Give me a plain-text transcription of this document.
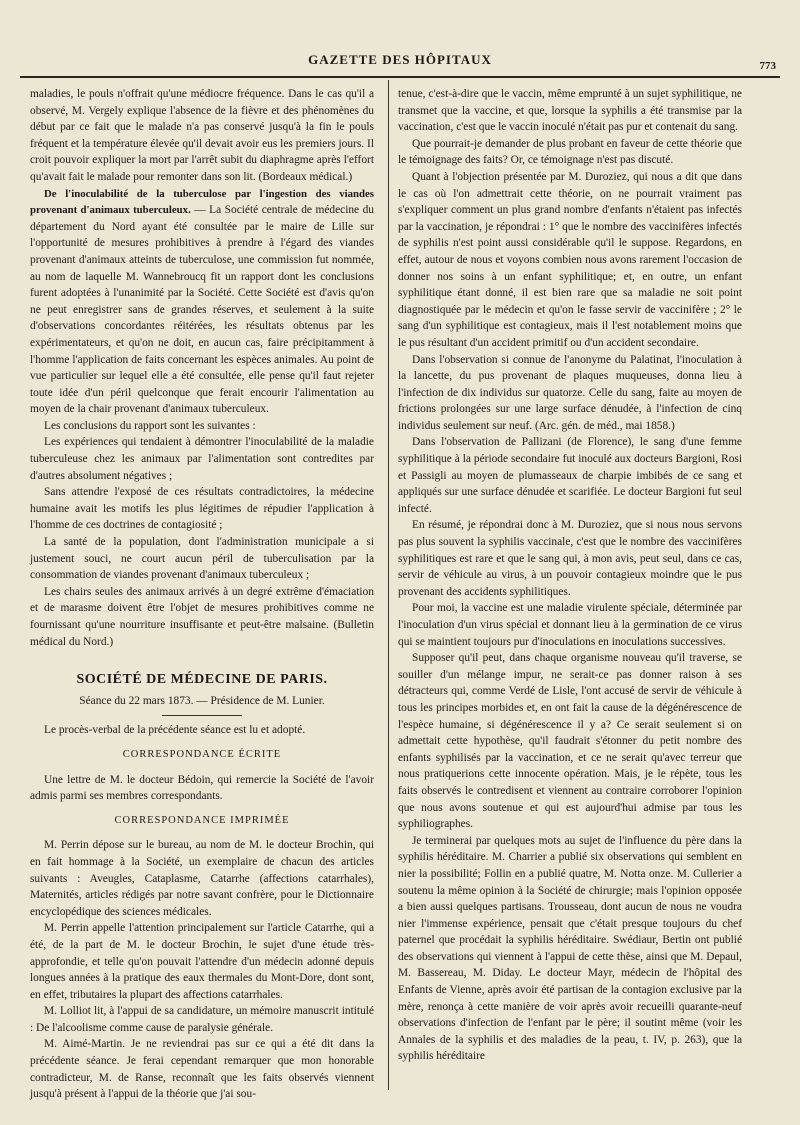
GAZETTE DES HÔPITAUX	773

maladies, le pouls n'offrait qu'une médiocre fréquence. Dans le cas qu'il a observé, M. Vergely explique l'absence de la fièvre et des phénomènes du début par ce fait que le malade n'a pas conservé jusqu'à la fin le pouls fréquent et la température élevée qu'il devait avoir eus les premiers jours. Il croit pouvoir expliquer la mort par l'arrêt subit du diaphragme après l'effort qu'avait fait le malade pour remonter dans son lit. (Bordeaux médical.)

De l'inoculabilité de la tuberculose par l'ingestion des viandes provenant d'animaux tuberculeux. — La Société centrale de médecine du département du Nord ayant été consultée par le maire de Lille sur l'opportunité de mesures prohibitives à prendre à l'égard des viandes provenant d'animaux atteints de tuberculose, une commission fut nommée, au nom de laquelle M. Wannebroucq fit un rapport dont les conclusions furent adoptées à l'unanimité par la Société. Cette Société est d'avis qu'on ne peut enregistrer sans de grandes réserves, et seulement à la suite d'observations concordantes réitérées, les résultats obtenus par les expérimentateurs, et qu'on ne doit, en aucun cas, faire précipitamment à l'homme l'application de faits concernant les espèces animales. Au point de vue particulier sur lequel elle a été consultée, elle pense qu'il faut rejeter toute idée d'un péril quelconque que ferait encourir l'alimentation au moyen de la chair provenant d'animaux tuberculeux.

Les conclusions du rapport sont les suivantes :

Les expériences qui tendaient à démontrer l'inoculabilité de la maladie tuberculeuse chez les animaux par l'alimentation sont contredites par d'autres absolument négatives ;

Sans attendre l'exposé de ces résultats contradictoires, la médecine humaine avait les motifs les plus légitimes de répudier l'application à l'homme de ces doctrines de contagiosité ;

La santé de la population, dont l'administration municipale a si justement souci, ne court aucun péril de tuberculisation par la consommation de viandes provenant d'animaux tuberculeux ;

Les chairs seules des animaux arrivés à un degré extrême d'émaciation et de marasme doivent être l'objet de mesures prohibitives comme ne fournissant qu'une nourriture insuffisante et peut-être malsaine. (Bulletin médical du Nord.)

SOCIÉTÉ DE MÉDECINE DE PARIS.

Séance du 22 mars 1873. — Présidence de M. Lunier.

Le procès-verbal de la précédente séance est lu et adopté.

CORRESPONDANCE ÉCRITE

Une lettre de M. le docteur Bédoin, qui remercie la Société de l'avoir admis parmi ses membres correspondants.

CORRESPONDANCE IMPRIMÉE

M. Perrin dépose sur le bureau, au nom de M. le docteur Brochin, qui en fait hommage à la Société, un exemplaire de chacun des articles suivants : Aveugles, Cataplasme, Catarrhe (affections catarrhales), Maternités, articles rédigés par notre savant confrère, pour le Dictionnaire encyclopédique des sciences médicales.

M. Perrin appelle l'attention principalement sur l'article Catarrhe, qui a été, de la part de M. le docteur Brochin, le sujet d'une étude très-approfondie, et telle qu'on pouvait l'attendre d'un médecin adonné depuis longues années à la pratique des eaux thermales du Mont-Dore, dont sont, en effet, tributaires la plupart des affections catarrhales.

M. Lolliot lit, à l'appui de sa candidature, un mémoire manuscrit intitulé : De l'alcoolisme comme cause de paralysie générale.

M. Aimé-Martin. Je ne reviendrai pas sur ce qui a été dit dans la précédente séance. Je ferai cependant remarquer que mon honorable contradicteur, M. de Ranse, reconnaît que les faits observés viennent jusqu'à présent à l'appui de la théorie que j'ai sou-

tenue, c'est-à-dire que le vaccin, même emprunté à un sujet syphilitique, ne transmet que la vaccine, et que, lorsque la syphilis a été transmise par la vaccination, c'est que le vaccin inoculé n'était pas pur et contenait du sang.

Que pourrait-je demander de plus probant en faveur de cette théorie que le témoignage des faits? Or, ce témoignage n'est pas discuté.

Quant à l'objection présentée par M. Duroziez, qui nous a dit que dans le cas où l'on admettrait cette théorie, on ne pourrait vraiment pas s'expliquer comment un plus grand nombre d'enfants n'étaient pas infectés par la vaccination, je répondrai : 1° que le nombre des vaccinifères infectés de syphilis n'est point aussi considérable qu'il le suppose. Regardons, en effet, autour de nous et voyons combien nous avons rarement l'occasion de donner nos soins à un enfant syphilitique; et, en outre, un enfant syphilitique étant donné, il est bien rare que sa maladie ne soit point diagnostiquée par le médecin et qu'on le fasse servir de vaccinifère ; 2° le sang d'un syphilitique est contagieux, mais il l'est notablement moins que le pus résultant d'un accident primitif ou d'un accident secondaire.

Dans l'observation si connue de l'anonyme du Palatinat, l'inoculation à la lancette, du pus provenant de plaques muqueuses, donna lieu à l'infection de dix individus sur quatorze. Celle du sang, faite au moyen de frictions prolongées sur une large surface dénudée, à l'infection de cinq individus seulement sur neuf. (Arc. gén. de méd., mai 1858.)

Dans l'observation de Pallizani (de Florence), le sang d'une femme syphilitique à la période secondaire fut inoculé aux docteurs Bargioni, Rosi et Passigli au moyen de plumasseaux de charpie imbibés de ce sang et appliqués sur une surface dénudée et scarifiée. Le docteur Bargioni fut seul infecté.

En résumé, je répondrai donc à M. Duroziez, que si nous nous servons pas plus souvent la syphilis vaccinale, c'est que le nombre des vaccinifères syphilitiques est rare et que le sang qui, à mon avis, peut seul, dans ce cas, servir de véhicule au virus, à un pouvoir contagieux moindre que le pus provenant des accidents syphilitiques.

Pour moi, la vaccine est une maladie virulente spéciale, déterminée par l'inoculation d'un virus spécial et donnant lieu à la germination de ce virus qui se maintient toujours pur d'inoculations en inoculations successives.

Supposer qu'il peut, dans chaque organisme nouveau qu'il traverse, se souiller d'un mélange impur, ne serait-ce pas donner raison à ses détracteurs qui, comme Verdé de Lisle, l'ont accusé de servir de véhicule à tous les principes morbides et, en ont fait la cause de la dégénérescence de l'espèce humaine, si dégénérescence il y a? Ce serait seulement si on admettait cette hypothèse, qu'il faudrait s'étonner du petit nombre des enfants syphilisés par la vaccination, et ce ne serait qu'avec terreur que nous pratiquerions cette innocente opération. Mais, je le répète, tous les faits observés le contredisent et viennent au contraire corroborer l'opinion que nous avons soutenue et qui est aujourd'hui admise par tous les syphiliographes.

Je terminerai par quelques mots au sujet de l'influence du père dans la syphilis héréditaire. M. Charrier a publié six observations qui semblent en nier la possibilité; Follin en a publié quatre, M. Notta onze. M. Cullerier a soutenu la même opinion à la Société de chirurgie; mais l'opinion opposée a bien aussi quelques partisans. Trousseau, dont aucun de nous ne voudra nier l'immense expérience, pensait que c'était presque toujours du chef paternel que procédait la syphilis héréditaire. Swédiaur, Bertin ont publié des observations qui viennent à l'appui de cette thèse, ainsi que M. Depaul, M. Bassereau, M. Diday. Le docteur Mayr, médecin de l'hôpital des Enfants de Vienne, après avoir été partisan de la contagion exclusive par la mère, renonça à cette manière de voir après avoir recueilli quarante-neuf observations d'infection de l'enfant par le père; il soutint même (voir les Annales de la syphilis et des maladies de la peau, t. IV, p. 263), que la syphilis héréditaire
